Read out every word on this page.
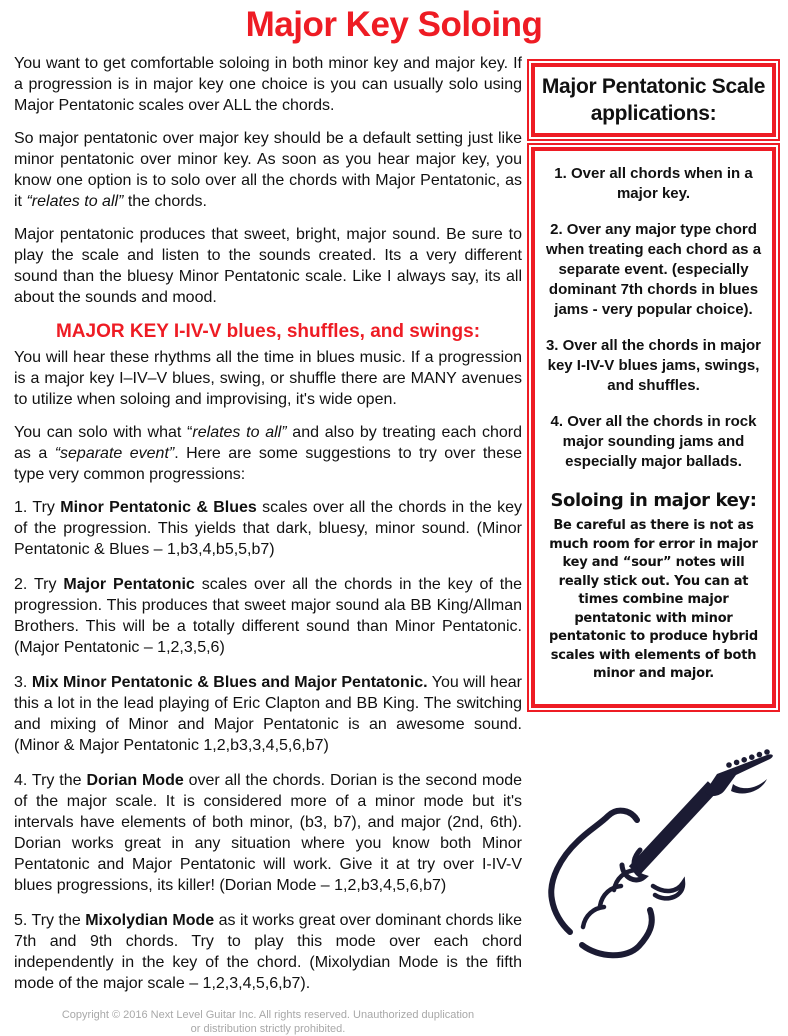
Major Key Soloing

You want to get comfortable soloing in both minor key and major key. If a progression is in major key one choice is you can usually solo using Major Pentatonic scales over ALL the chords.

So major pentatonic over major key should be a default setting just like minor pentatonic over minor key. As soon as you hear major key, you know one option is to solo over all the chords with Major Pentatonic, as it “relates to all” the chords.

Major pentatonic produces that sweet, bright, major sound. Be sure to play the scale and listen to the sounds created. Its a very different sound than the bluesy Minor Pentatonic scale. Like I always say, its all about the sounds and mood.

MAJOR KEY I-IV-V blues, shuffles, and swings:

You will hear these rhythms all the time in blues music. If a progression is a major key I–IV–V blues, swing, or shuffle there are MANY avenues to utilize when soloing and improvising, it's wide open.

You can solo with what “relates to all” and also by treating each chord as a “separate event”. Here are some suggestions to try over these type very common progressions:

1. Try Minor Pentatonic & Blues scales over all the chords in the key of the progression. This yields that dark, bluesy, minor sound. (Minor Pentatonic & Blues – 1,b3,4,b5,5,b7)

2. Try Major Pentatonic scales over all the chords in the key of the progression. This produces that sweet major sound ala BB King/Allman Brothers. This will be a totally different sound than Minor Pentatonic. (Major Pentatonic – 1,2,3,5,6)

3. Mix Minor Pentatonic & Blues and Major Pentatonic. You will hear this a lot in the lead playing of Eric Clapton and BB King. The switching and mixing of Minor and Major Pentatonic is an awesome sound. (Minor & Major Pentatonic 1,2,b3,3,4,5,6,b7)

4. Try the Dorian Mode over all the chords. Dorian is the second mode of the major scale. It is considered more of a minor mode but it's intervals have elements of both minor, (b3, b7), and major (2nd, 6th). Dorian works great in any situation where you know both Minor Pentatonic and Major Pentatonic will work. Give it at try over I-IV-V blues progressions, its killer! (Dorian Mode – 1,2,b3,4,5,6,b7)

5. Try the Mixolydian Mode as it works great over dominant chords like 7th and 9th chords. Try to play this mode over each chord independently in the key of the chord. (Mixolydian Mode is the fifth mode of the major scale – 1,2,3,4,5,6,b7).

Copyright © 2016 Next Level Guitar Inc. All rights reserved. Unauthorized duplication
or distribution strictly prohibited.
Major Pentatonic Scale
applications:

1. Over all chords when in a major key.

2. Over any major type chord when treating each chord as a separate event. (especially dominant 7th chords in blues jams - very popular choice).

3. Over all the chords in major key I-IV-V blues jams, swings, and shuffles.

4. Over all the chords in rock major sounding jams and especially major ballads.

Soloing in major key:

Be careful as there is not as much room for error in major key and “sour” notes will really stick out. You can at times combine major pentatonic with minor pentatonic to produce hybrid scales with elements of both minor and major.
